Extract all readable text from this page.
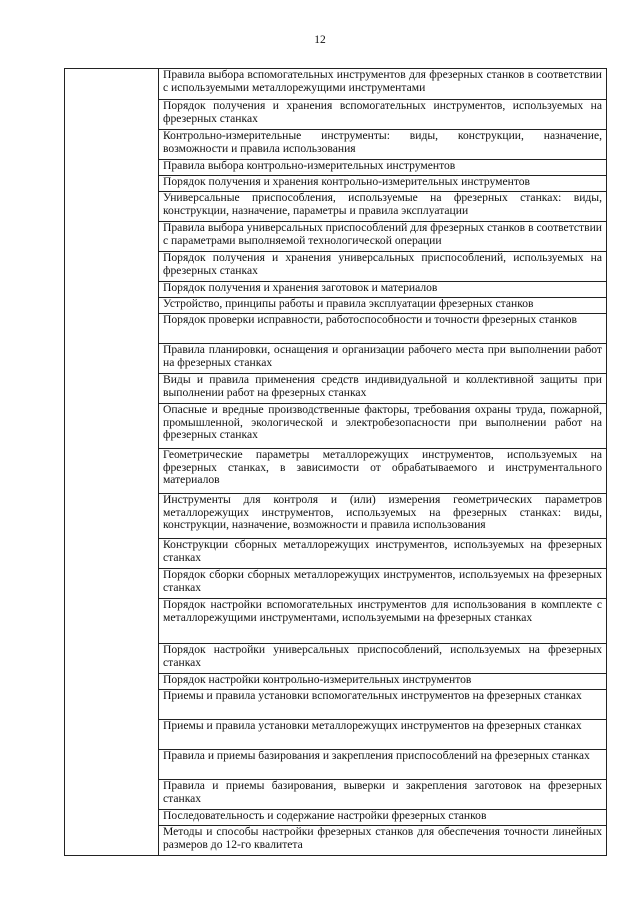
12

Правила выбора вспомогательных инструментов для фрезерных станков в соответствии с используемыми металлорежущими инструментами

Порядок получения и хранения вспомогательных инструментов, используемых на фрезерных станках

Контрольно-измерительные инструменты: виды, конструкции, назначение, возможности и правила использования

Правила выбора контрольно-измерительных инструментов

Порядок получения и хранения контрольно-измерительных инструментов

Универсальные приспособления, используемые на фрезерных станках: виды, конструкции, назначение, параметры и правила эксплуатации

Правила выбора универсальных приспособлений для фрезерных станков в соответствии с параметрами выполняемой технологической операции

Порядок получения и хранения универсальных приспособлений, используемых на фрезерных станках

Порядок получения и хранения заготовок и материалов

Устройство, принципы работы и правила эксплуатации фрезерных станков

Порядок проверки исправности, работоспособности и точности фрезерных станков

Правила планировки, оснащения и организации рабочего места при выполнении работ на фрезерных станках

Виды и правила применения средств индивидуальной и коллективной защиты при выполнении работ на фрезерных станках

Опасные и вредные производственные факторы, требования охраны труда, пожарной, промышленной, экологической и электробезопасности при выполнении работ на фрезерных станках

Геометрические параметры металлорежущих инструментов, используемых на фрезерных станках, в зависимости от обрабатываемого и инструментального материалов

Инструменты для контроля и (или) измерения геометрических параметров металлорежущих инструментов, используемых на фрезерных станках: виды, конструкции, назначение, возможности и правила использования

Конструкции сборных металлорежущих инструментов, используемых на фрезерных станках

Порядок сборки сборных металлорежущих инструментов, используемых на фрезерных станках

Порядок настройки вспомогательных инструментов для использования в комплекте с металлорежущими инструментами, используемыми на фрезерных станках

Порядок настройки универсальных приспособлений, используемых на фрезерных станках

Порядок настройки контрольно-измерительных инструментов

Приемы и правила установки вспомогательных инструментов на фрезерных станках

Приемы и правила установки металлорежущих инструментов на фрезерных станках

Правила и приемы базирования и закрепления приспособлений на фрезерных станках

Правила и приемы базирования, выверки и закрепления заготовок на фрезерных станках

Последовательность и содержание настройки фрезерных станков

Методы и способы настройки фрезерных станков для обеспечения точности линейных размеров до 12-го квалитета
